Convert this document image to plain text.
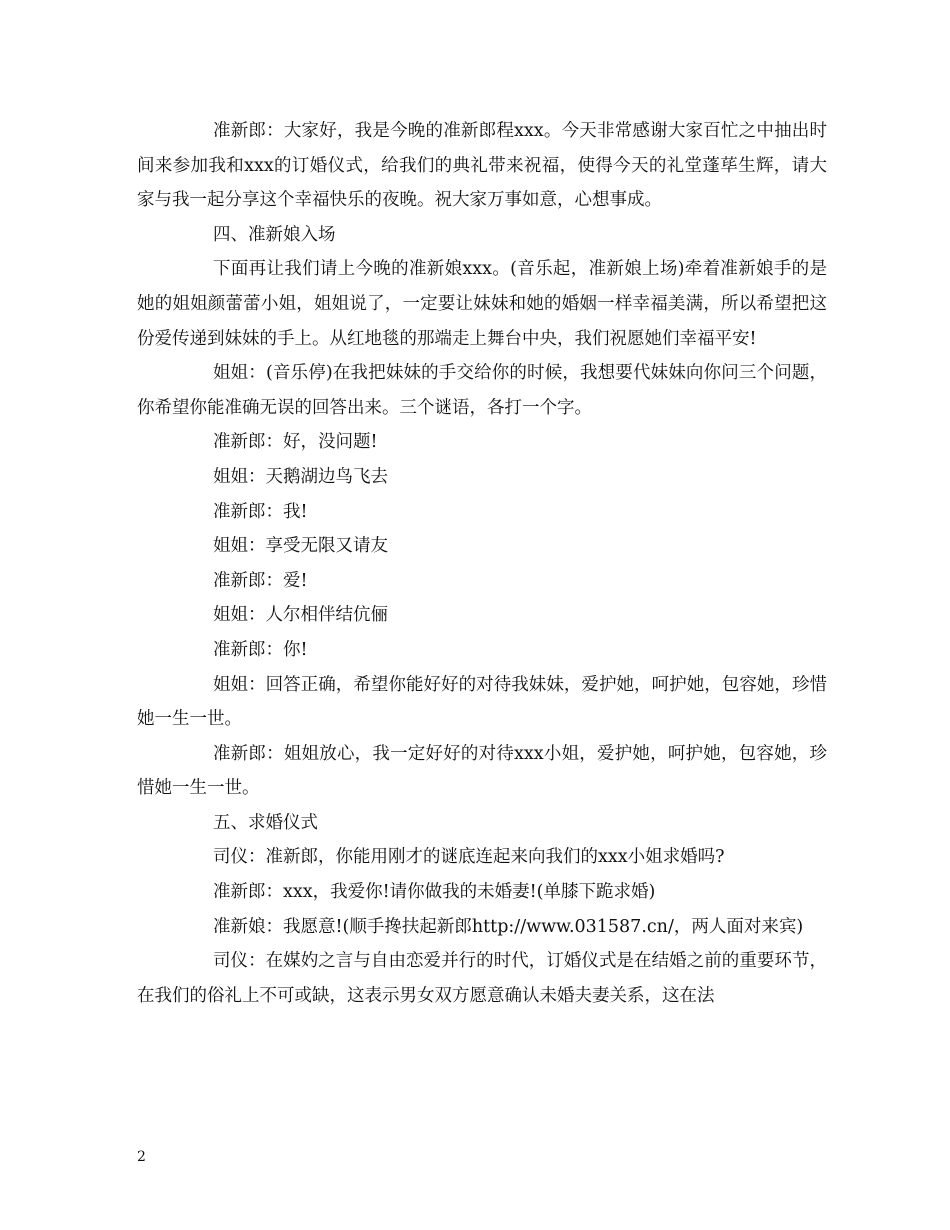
准新郎：大家好，我是今晚的准新郎程xxx。今天非常感谢大家百忙之中抽出时间来参加我和xxx的订婚仪式，给我们的典礼带来祝福，使得今天的礼堂蓬荜生辉，请大家与我一起分享这个幸福快乐的夜晚。祝大家万事如意，心想事成。

四、准新娘入场

下面再让我们请上今晚的准新娘xxx。(音乐起，准新娘上场)牵着准新娘手的是她的姐姐颜蕾蕾小姐，姐姐说了，一定要让妹妹和她的婚姻一样幸福美满，所以希望把这份爱传递到妹妹的手上。从红地毯的那端走上舞台中央，我们祝愿她们幸福平安!

姐姐：(音乐停)在我把妹妹的手交给你的时候，我想要代妹妹向你问三个问题，你希望你能准确无误的回答出来。三个谜语，各打一个字。

准新郎：好，没问题!

姐姐：天鹅湖边鸟飞去

准新郎：我!

姐姐：享受无限又请友

准新郎：爱!

姐姐：人尔相伴结伉俪

准新郎：你!

姐姐：回答正确，希望你能好好的对待我妹妹，爱护她，呵护她，包容她，珍惜她一生一世。

准新郎：姐姐放心，我一定好好的对待xxx小姐，爱护她，呵护她，包容她，珍惜她一生一世。

五、求婚仪式

司仪：准新郎，你能用刚才的谜底连起来向我们的xxx小姐求婚吗?

准新郎：xxx，我爱你!请你做我的未婚妻!(单膝下跪求婚)

准新娘：我愿意!(顺手搀扶起新郎http://www.031587.cn/，两人面对来宾)

司仪：在媒妁之言与自由恋爱并行的时代，订婚仪式是在结婚之前的重要环节，在我们的俗礼上不可或缺，这表示男女双方愿意确认未婚夫妻关系，这在法

2
